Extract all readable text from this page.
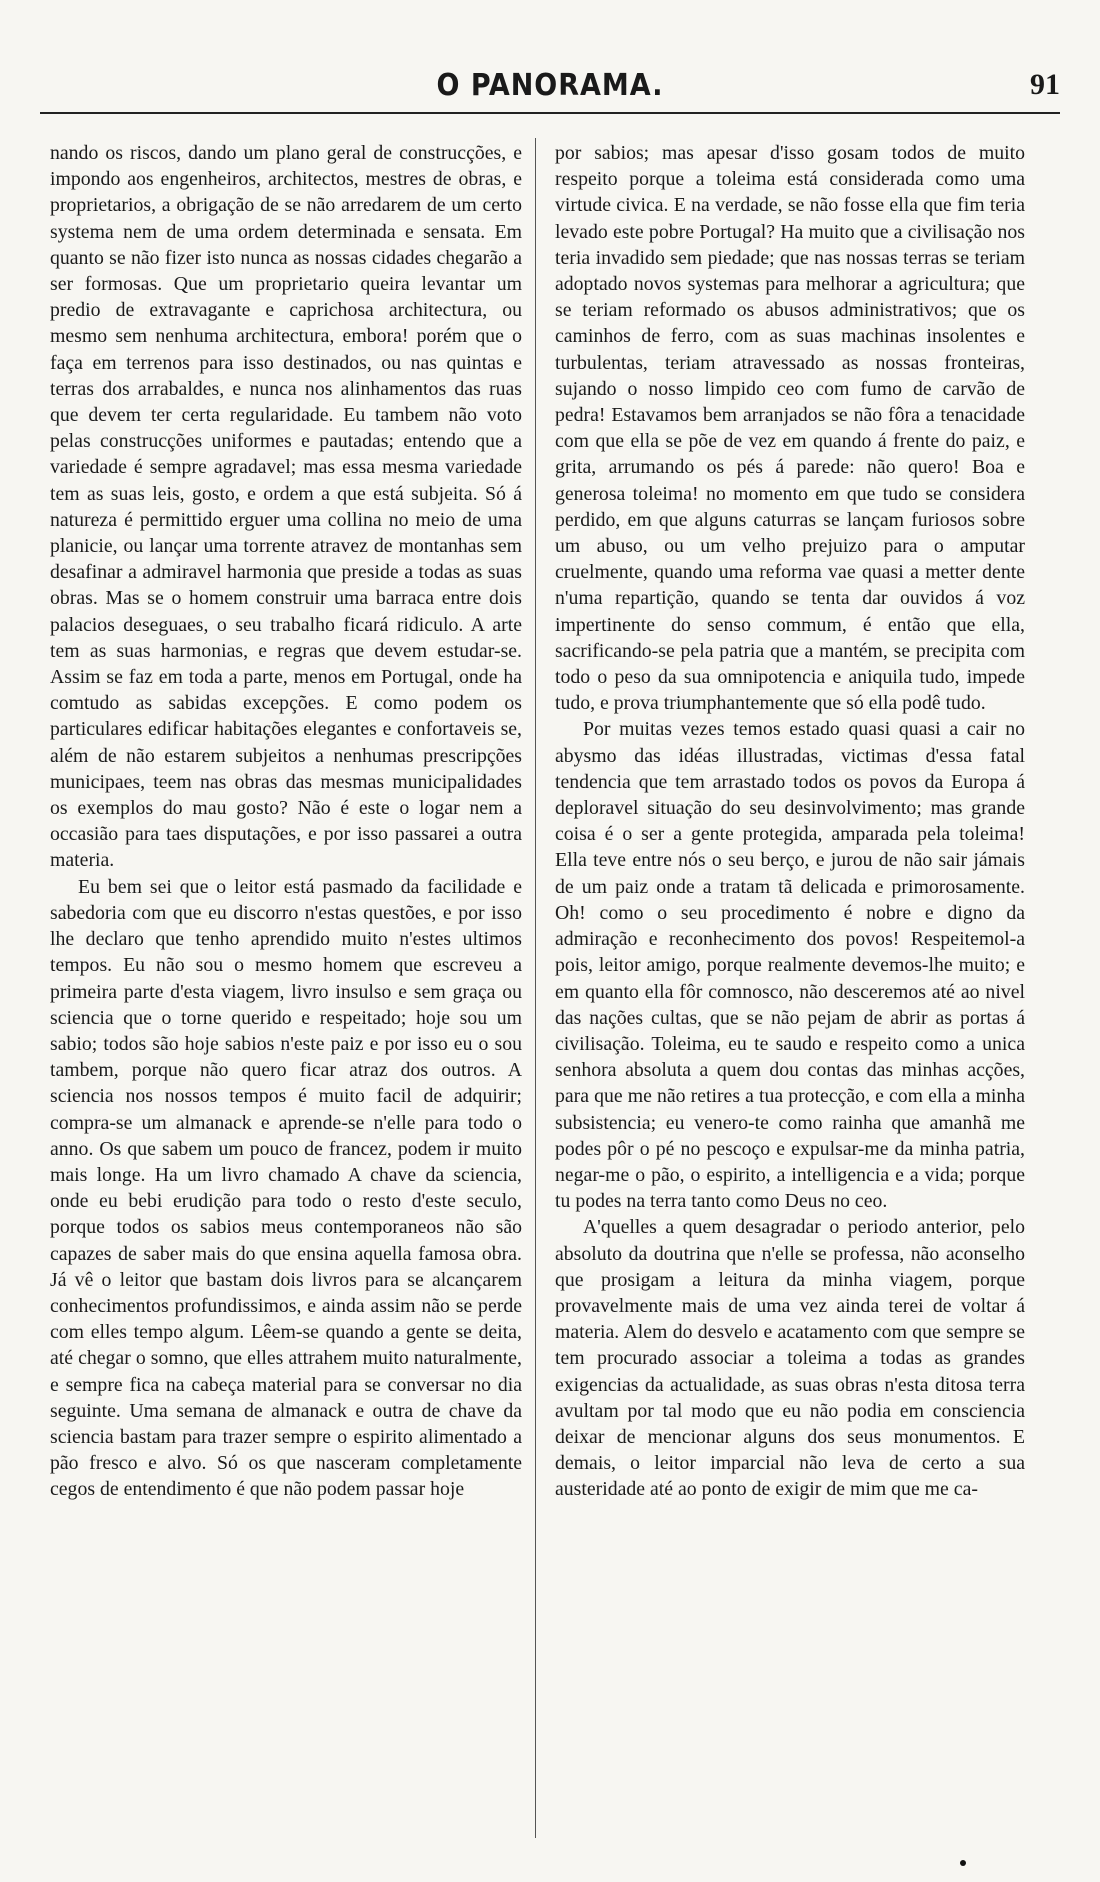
O PANORAMA.	91

nando os riscos, dando um plano geral de construcções, e impondo aos engenheiros, architectos, mestres de obras, e proprietarios, a obrigação de se não arredarem de um certo systema nem de uma ordem determinada e sensata. Em quanto se não fizer isto nunca as nossas cidades chegarão a ser formosas. Que um proprietario queira levantar um predio de extravagante e caprichosa architectura, ou mesmo sem nenhuma architectura, embora! porém que o faça em terrenos para isso destinados, ou nas quintas e terras dos arrabaldes, e nunca nos alinhamentos das ruas que devem ter certa regularidade. Eu tambem não voto pelas construcções uniformes e pautadas; entendo que a variedade é sempre agradavel; mas essa mesma variedade tem as suas leis, gosto, e ordem a que está subjeita. Só á natureza é permittido erguer uma collina no meio de uma planicie, ou lançar uma torrente atravez de montanhas sem desafinar a admiravel harmonia que preside a todas as suas obras. Mas se o homem construir uma barraca entre dois palacios deseguaes, o seu trabalho ficará ridiculo. A arte tem as suas harmonias, e regras que devem estudar-se. Assim se faz em toda a parte, menos em Portugal, onde ha comtudo as sabidas excepções. E como podem os particulares edificar habitações elegantes e confortaveis se, além de não estarem subjeitos a nenhumas prescripções municipaes, teem nas obras das mesmas municipalidades os exemplos do mau gosto? Não é este o logar nem a occasião para taes disputações, e por isso passarei a outra materia.

Eu bem sei que o leitor está pasmado da facilidade e sabedoria com que eu discorro n'estas questões, e por isso lhe declaro que tenho aprendido muito n'estes ultimos tempos. Eu não sou o mesmo homem que escreveu a primeira parte d'esta viagem, livro insulso e sem graça ou sciencia que o torne querido e respeitado; hoje sou um sabio; todos são hoje sabios n'este paiz e por isso eu o sou tambem, porque não quero ficar atraz dos outros. A sciencia nos nossos tempos é muito facil de adquirir; compra-se um almanack e aprende-se n'elle para todo o anno. Os que sabem um pouco de francez, podem ir muito mais longe. Ha um livro chamado A chave da sciencia, onde eu bebi erudição para todo o resto d'este seculo, porque todos os sabios meus contemporaneos não são capazes de saber mais do que ensina aquella famosa obra. Já vê o leitor que bastam dois livros para se alcançarem conhecimentos profundissimos, e ainda assim não se perde com elles tempo algum. Lêem-se quando a gente se deita, até chegar o somno, que elles attrahem muito naturalmente, e sempre fica na cabeça material para se conversar no dia seguinte. Uma semana de almanack e outra de chave da sciencia bastam para trazer sempre o espirito alimentado a pão fresco e alvo. Só os que nasceram completamente cegos de entendimento é que não podem passar hoje

por sabios; mas apesar d'isso gosam todos de muito respeito porque a toleima está considerada como uma virtude civica. E na verdade, se não fosse ella que fim teria levado este pobre Portugal? Ha muito que a civilisação nos teria invadido sem piedade; que nas nossas terras se teriam adoptado novos systemas para melhorar a agricultura; que se teriam reformado os abusos administrativos; que os caminhos de ferro, com as suas machinas insolentes e turbulentas, teriam atravessado as nossas fronteiras, sujando o nosso limpido ceo com fumo de carvão de pedra! Estavamos bem arranjados se não fôra a tenacidade com que ella se põe de vez em quando á frente do paiz, e grita, arrumando os pés á parede: não quero! Boa e generosa toleima! no momento em que tudo se considera perdido, em que alguns caturras se lançam furiosos sobre um abuso, ou um velho prejuizo para o amputar cruelmente, quando uma reforma vae quasi a metter dente n'uma repartição, quando se tenta dar ouvidos á voz impertinente do senso commum, é então que ella, sacrificando-se pela patria que a mantém, se precipita com todo o peso da sua omnipotencia e aniquila tudo, impede tudo, e prova triumphantemente que só ella podê tudo.

Por muitas vezes temos estado quasi quasi a cair no abysmo das idéas illustradas, victimas d'essa fatal tendencia que tem arrastado todos os povos da Europa á deploravel situação do seu desinvolvimento; mas grande coisa é o ser a gente protegida, amparada pela toleima! Ella teve entre nós o seu berço, e jurou de não sair jámais de um paiz onde a tratam tã delicada e primorosamente. Oh! como o seu procedimento é nobre e digno da admiração e reconhecimento dos povos! Respeitemol-a pois, leitor amigo, porque realmente devemos-lhe muito; e em quanto ella fôr comnosco, não desceremos até ao nivel das nações cultas, que se não pejam de abrir as portas á civilisação. Toleima, eu te saudo e respeito como a unica senhora absoluta a quem dou contas das minhas acções, para que me não retires a tua protecção, e com ella a minha subsistencia; eu venero-te como rainha que amanhã me podes pôr o pé no pescoço e expulsar-me da minha patria, negar-me o pão, o espirito, a intelligencia e a vida; porque tu podes na terra tanto como Deus no ceo.

A'quelles a quem desagradar o periodo anterior, pelo absoluto da doutrina que n'elle se professa, não aconselho que prosigam a leitura da minha viagem, porque provavelmente mais de uma vez ainda terei de voltar á materia. Alem do desvelo e acatamento com que sempre se tem procurado associar a toleima a todas as grandes exigencias da actualidade, as suas obras n'esta ditosa terra avultam por tal modo que eu não podia em consciencia deixar de mencionar alguns dos seus monumentos. E demais, o leitor imparcial não leva de certo a sua austeridade até ao ponto de exigir de mim que me ca-
